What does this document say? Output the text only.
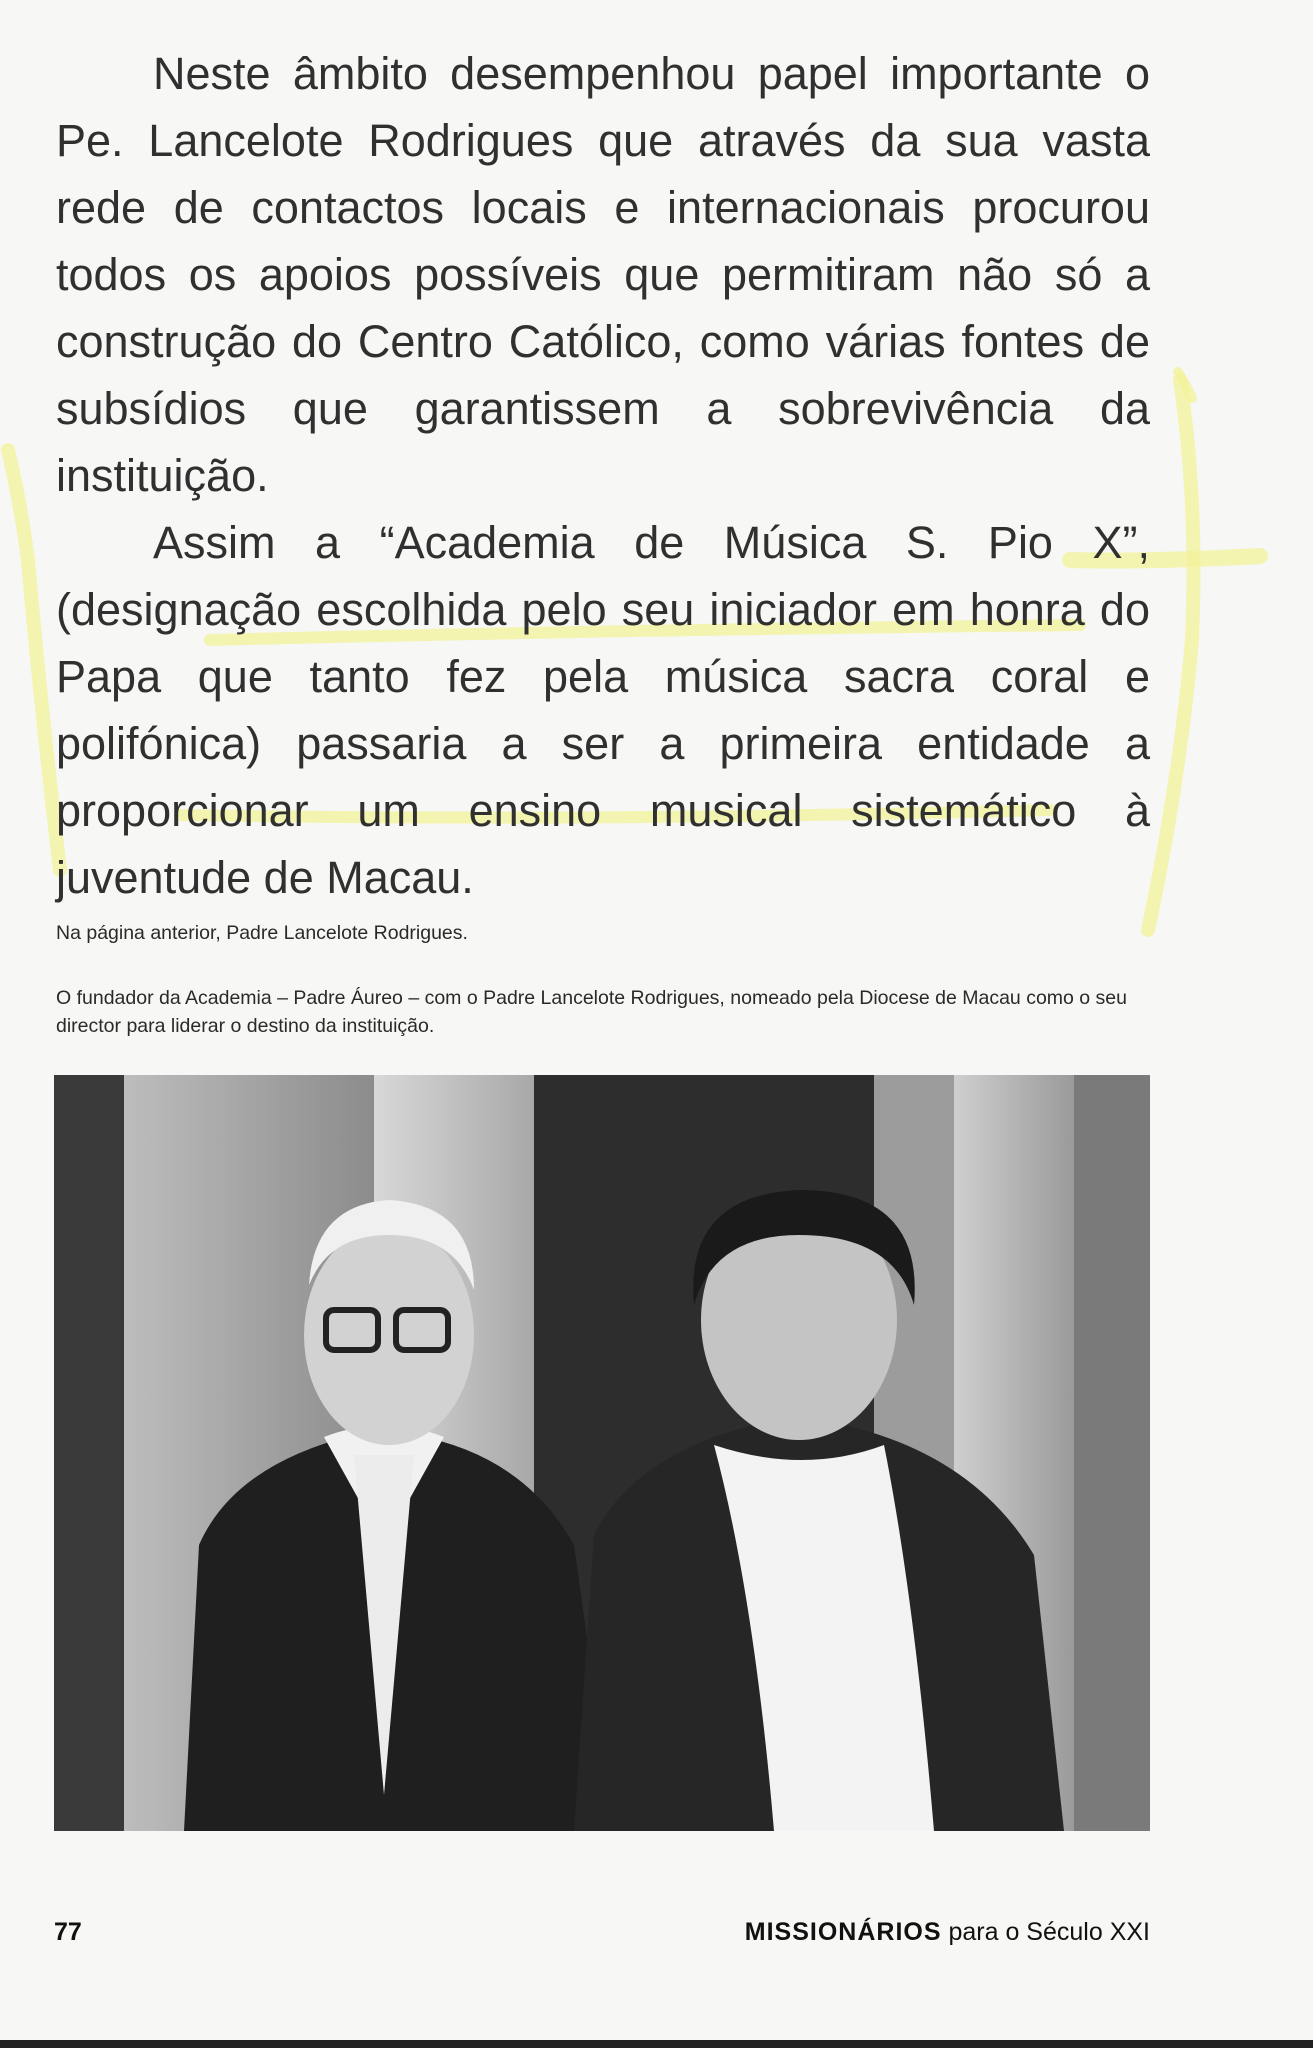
Neste âmbito desempenhou papel importante o Pe. Lancelote Rodrigues que através da sua vasta rede de contactos locais e internacionais procurou todos os apoios possíveis que permitiram não só a construção do Centro Católico, como várias fontes de subsídios que garantissem a sobrevivência da instituição.

Assim a “Academia de Música S. Pio X”, (designação escolhida pelo seu iniciador em honra do Papa que tanto fez pela música sacra coral e polifónica) passaria a ser a primeira entidade a proporcionar um ensino musical sistemático à juventude de Macau.

Na página anterior, Padre Lancelote Rodrigues.
O fundador da Academia – Padre Áureo – com o Padre Lancelote Rodrigues, nomeado pela Diocese de Macau como o seu director para liderar o destino da instituição.
77	MISSIONÁRIOS para o Século XXI
